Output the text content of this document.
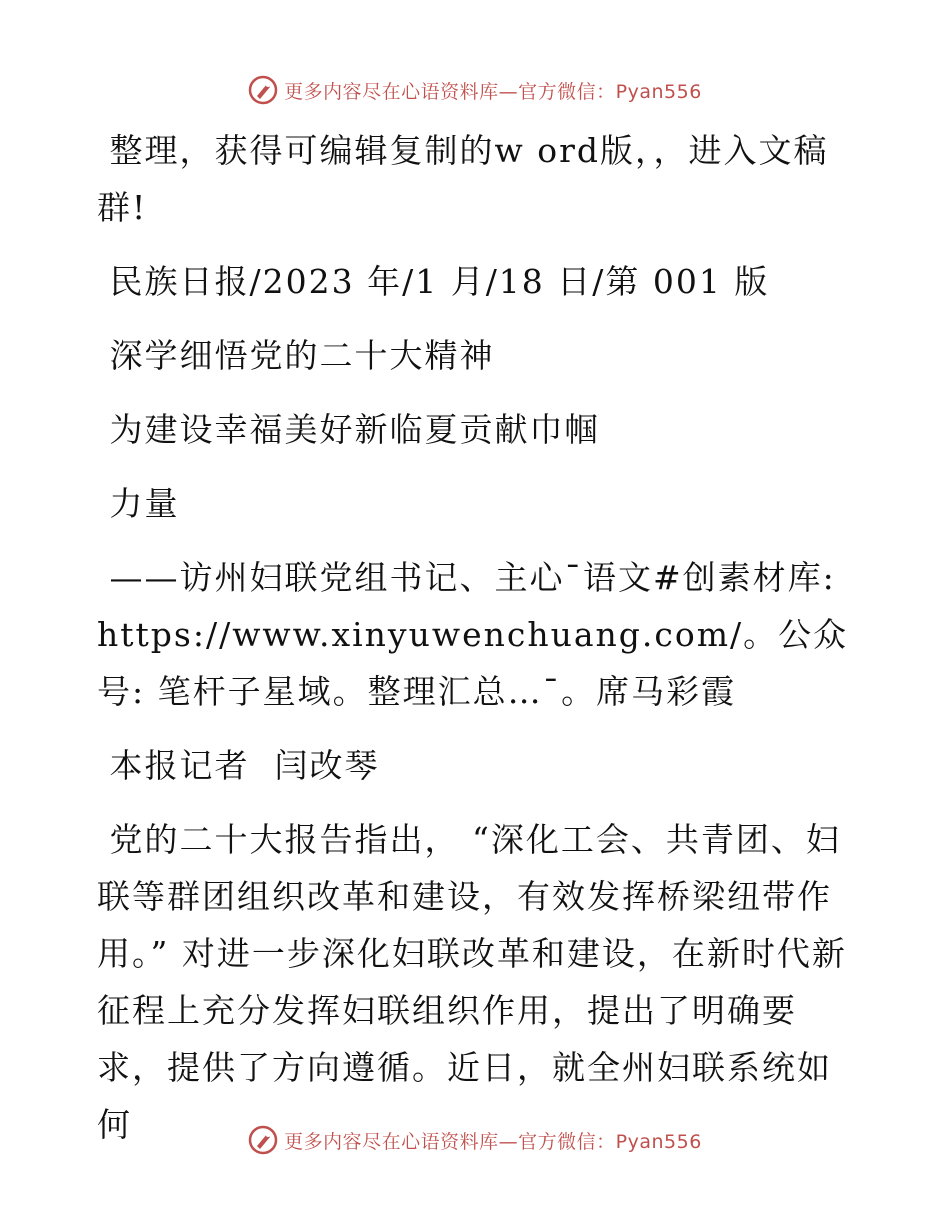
更多内容尽在心语资料库—官方微信：Pyan556

整理，获得可编辑复制的w ord版，，进入文稿群!

民族日报/2023 年/1 月/18 日/第 001 版

深学细悟党的二十大精神

为建设幸福美好新临夏贡献巾帼

力量

——访州妇联党组书记、主心¯语文#创素材库:https://www.xinyuwenchuang.com/。公众号: 笔杆子星域。整理汇总…¯。席马彩霞

本报记者  闫改琴

党的二十大报告指出， “深化工会、共青团、妇联等群团组织改革和建设，有效发挥桥梁纽带作用。” 对进一步深化妇联改革和建设，在新时代新征程上充分发挥妇联组织作用，提出了明确要求，提供了方向遵循。近日，就全州妇联系统如何	更多内容尽在心语资料库—官方微信：Pyan556
